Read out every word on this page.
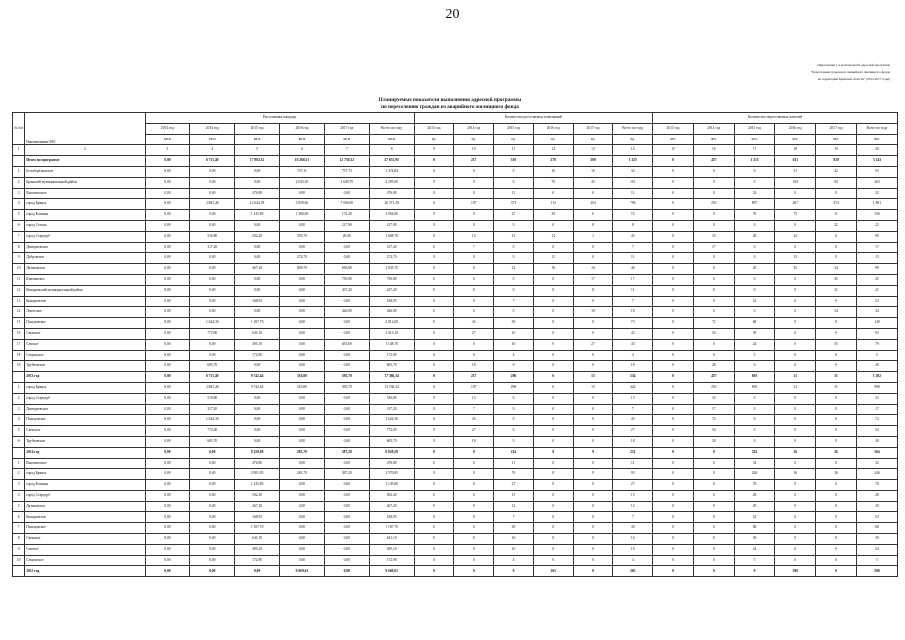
20
Приложение 1 к региональной адресной программе
"Переселение граждан из аварийного жилищного фонда
на территории Брянской области" (2013-2017 годы)
Планируемые показатели выполнения адресной программы
по переселению граждан из аварийного жилищного фонда
№ п/п	Наименование МО	Расселяемая площадь						Количество расселяемых помещений						Количество переселяемых жителей					
		2013 год	2014 год	2015 год	2016 год	2017 год	Всего по году	2013 год	2014 год	2015 год	2016 год	2017 год	Всего по году	2013 год	2014 год	2015 год	2016 год	2017 год	Всего по году
		кв.м	кв.м	кв.м	кв.м	кв.м	кв.м	ед.	ед.	ед.	ед.	ед.	ед.	чел.	чел.	чел.	чел.	чел.	чел.
1	2	3	4	5	6	7	8	9	10	11	12	13	14	15	16	17	18	19	20
	Итого по программе	0,00	6 711,40	17 902,12	10 268,51	12 750,32	47 631,95	0	217	510	279	309	1 325	0	457	1 215	633	838	3 143
1	Белоберезковское	0,00	0,00	0,00	737,11	737,73	1 474,84	0	0	0	16	16	32	0	0	0	51	42	93
2	Брянский муниципальный район	0,00	0,00	0,00	2 645,30	1 649,70	4 295,00	0	0	0	70	45	115	0	0	0	169	94	263
3	Выгоничское	0,00	0,00	476,80	0,00	0,00	476,80	0	0	11	0	0	11	0	0	32	0	0	32
4	город Брянск	0,00	2 881,46	12 644,39	3 839,60	7 006,00	26 371,39	0	107	373	113	204	796	0	253	897	267	474	1 891
5	город Клинцы	0,00	0,00	1 145,80	1 586,00	172,20	2 904,00	0	0	27	39	6	72	0	0	70	75	11	156
6	город Сельцо	0,00	0,00	0,00	0,00	217,90	217,90	0	0	0	0	8	8	0	0	0	0	22	22
7	город Стародуб	0,00	510,80	502,20	595,70	20,00	1 608,70	0	15	15	12	1	43	0	33	28	23	6	90
8	Дмитриевское	0,00	317,20	0,00	0,00	0,00	317,20	0	7	0	0	0	7	0	17	0	0	0	17
9	Дубровское	0,00	0,00	0,00	274,70	0,00	274,70	0	0	0	11	0	11	0	0	0	13	0	13
10	Дятьковское	0,00	0,00	467,20	809,70	658,80	1 935,70	0	0	12	18	16	46	0	0	29	35	34	98
11	Климовское	0,00	0,00	0,00	0,00	750,80	750,80	0	0	0	0	17	17	0	0	0	0	45	45
12	Комаричский муниципальный район	0,00	0,00	0,00	0,00	437,20	437,20	0	0	0	0	11	11	0	0	0	0	21	21
13	Комаричское	0,00	0,00	168,93	0,00	0,00	168,93	0	0	7	0	0	7	0	0	23	0	0	23
14	Локотское	0,00	0,00	0,00	0,00	426,00	426,00	0	0	0	0	18	18	0	0	0	0	34	34
15	Пальцовское	0,00	1 624,30	1 187,70	0,00	0,00	2 812,00	0	43	30	0	0	73	0	72	68	0	0	140
16	Свенское	0,00	772,00	641,10	0,00	0,00	1 413,10	0	27	16	0	0	43	0	54	39	0	0	93
17	Севское	0,00	0,00	495,10	0,00	653,60	1 148,70	0	0	16	0	27	43	0	0	24	0	55	79
18	Сещинское	0,00	0,00	172,90	0,00	0,00	172,90	0	0	4	0	0	4	0	0	5	0	0	5
19	Трубчевское	0,00	605,70	0,00	0,00	0,00	605,70	0	18	0	0	0	18	0	28	0	0	0	28
	2013 год	0,00	6 711,40	9 742,44	316,80	595,70	17 366,34	0	217	296	6	15	534	0	457	693	21	31	1 202
1	город Брянск	0,00	2 881,40	9 742,44	316,80	595,70	13 536,34	0	107	296	6	15	424	0	253	693	21	31	998
2	город Стародуб	0,00	510,80	0,00	0,00	0,00	510,80	0	15	0	0	0	15	0	33	0	0	0	33
3	Дмитриевское	0,00	317,20	0,00	0,00	0,00	317,20	0	7	0	0	0	7	0	17	0	0	0	17
4	Пальцовское	0,00	1 624,30	0,00	0,00	0,00	1 624,30	0	43	0	0	0	43	0	72	0	0	0	72
5	Свенское	0,00	772,00	0,00	0,00	0,00	772,00	0	27	0	0	0	27	0	54	0	0	0	54
6	Трубчевское	0,00	605,70	0,00	0,00	0,00	605,70	0	18	0	0	0	18	0	28	0	0	0	28
	2014 год	0,00	0,00	8 159,68	281,70	387,20	8 828,58	0	0	214	8	9	231	0	0	522	16	26	564
1	Выгоничское	0,00	0,00	476,80	0,00	0,00	476,80	0	0	11	0	0	11	0	0	32	0	0	32
2	город Брянск	0,00	0,00	2 901,95	281,70	387,20	3 570,85	0	0	76	8	9	93	0	0	204	16	26	246
3	город Клинцы	0,00	0,00	1 145,80	0,00	0,00	1 145,80	0	0	27	0	0	27	0	0	70	0	0	70
4	город Стародуб	0,00	0,00	502,20	0,00	0,00	502,20	0	0	15	0	0	15	0	0	28	0	0	28
5	Дятьковское	0,00	0,00	467,20	0,00	0,00	467,20	0	0	12	0	0	12	0	0	29	0	0	29
6	Комаричское	0,00	0,00	168,93	0,00	0,00	168,93	0	0	7	0	0	7	0	0	23	0	0	23
7	Пальцовское	0,00	0,00	1 187,70	0,00	0,00	1 187,70	0	0	30	0	0	30	0	0	68	0	0	68
8	Свенское	0,00	0,00	641,10	0,00	0,00	641,10	0	0	16	0	0	16	0	0	39	0	0	39
9	Севское	0,00	0,00	495,10	0,00	0,00	495,10	0	0	16	0	0	16	0	0	24	0	0	24
10	Сещинское	0,00	0,00	172,90	0,00	0,00	172,90	0	0	4	0	0	4	0	0	5	0	0	5
	2015 год	0,00	0,00	0,00	9 669,61	0,00	9 669,61	0	0	0	265	0	265	0	0	0	596	0	596
